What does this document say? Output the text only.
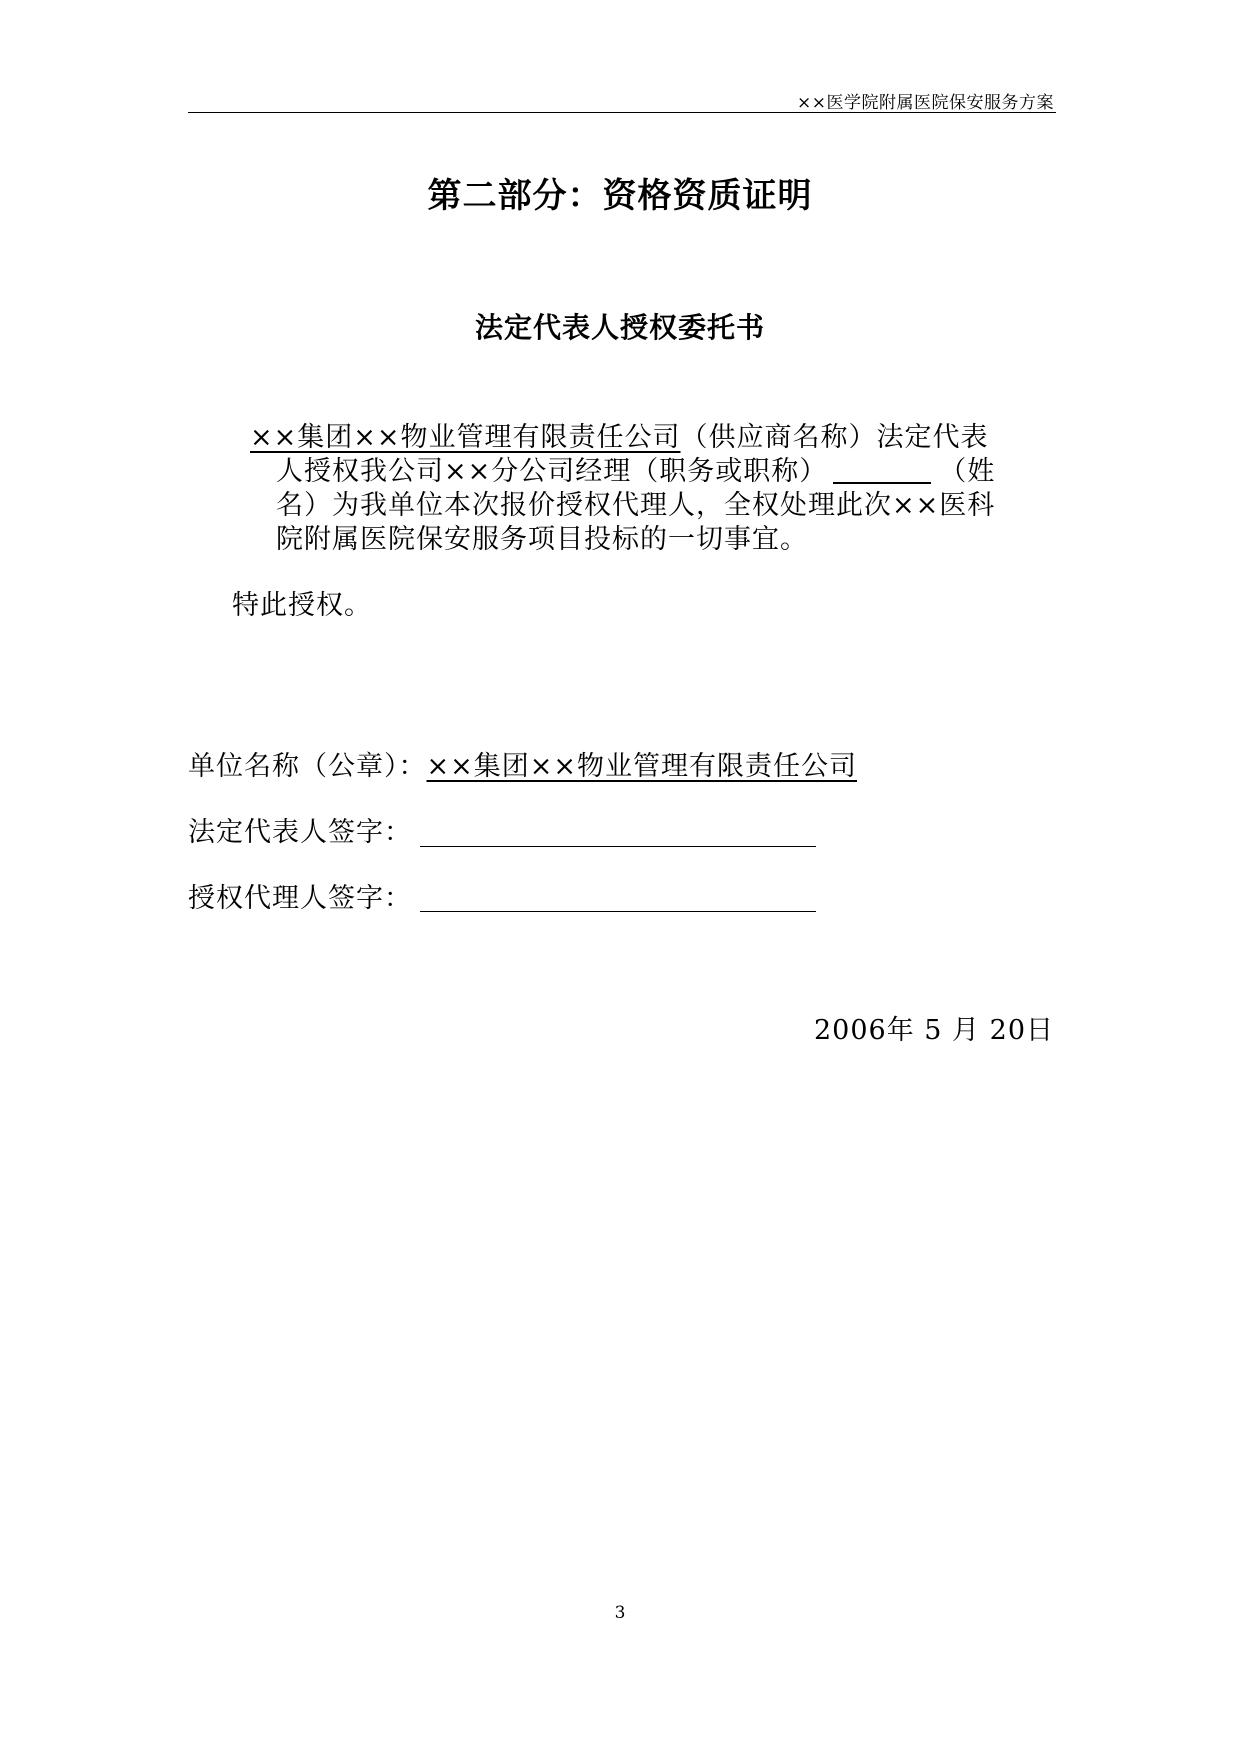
××医学院附属医院保安服务方案
第二部分：资格资质证明
法定代表人授权委托书
××集团××物业管理有限责任公司（供应商名称）法定代表
人授权我公司××分公司经理（职务或职称）	（姓
名）为我单位本次报价授权代理人，全权处理此次××医科
院附属医院保安服务项目投标的一切事宜。
特此授权。
单位名称（公章）：××集团××物业管理有限责任公司
法定代表人签字：
授权代理人签字：
2006年 5 月 20日
3
